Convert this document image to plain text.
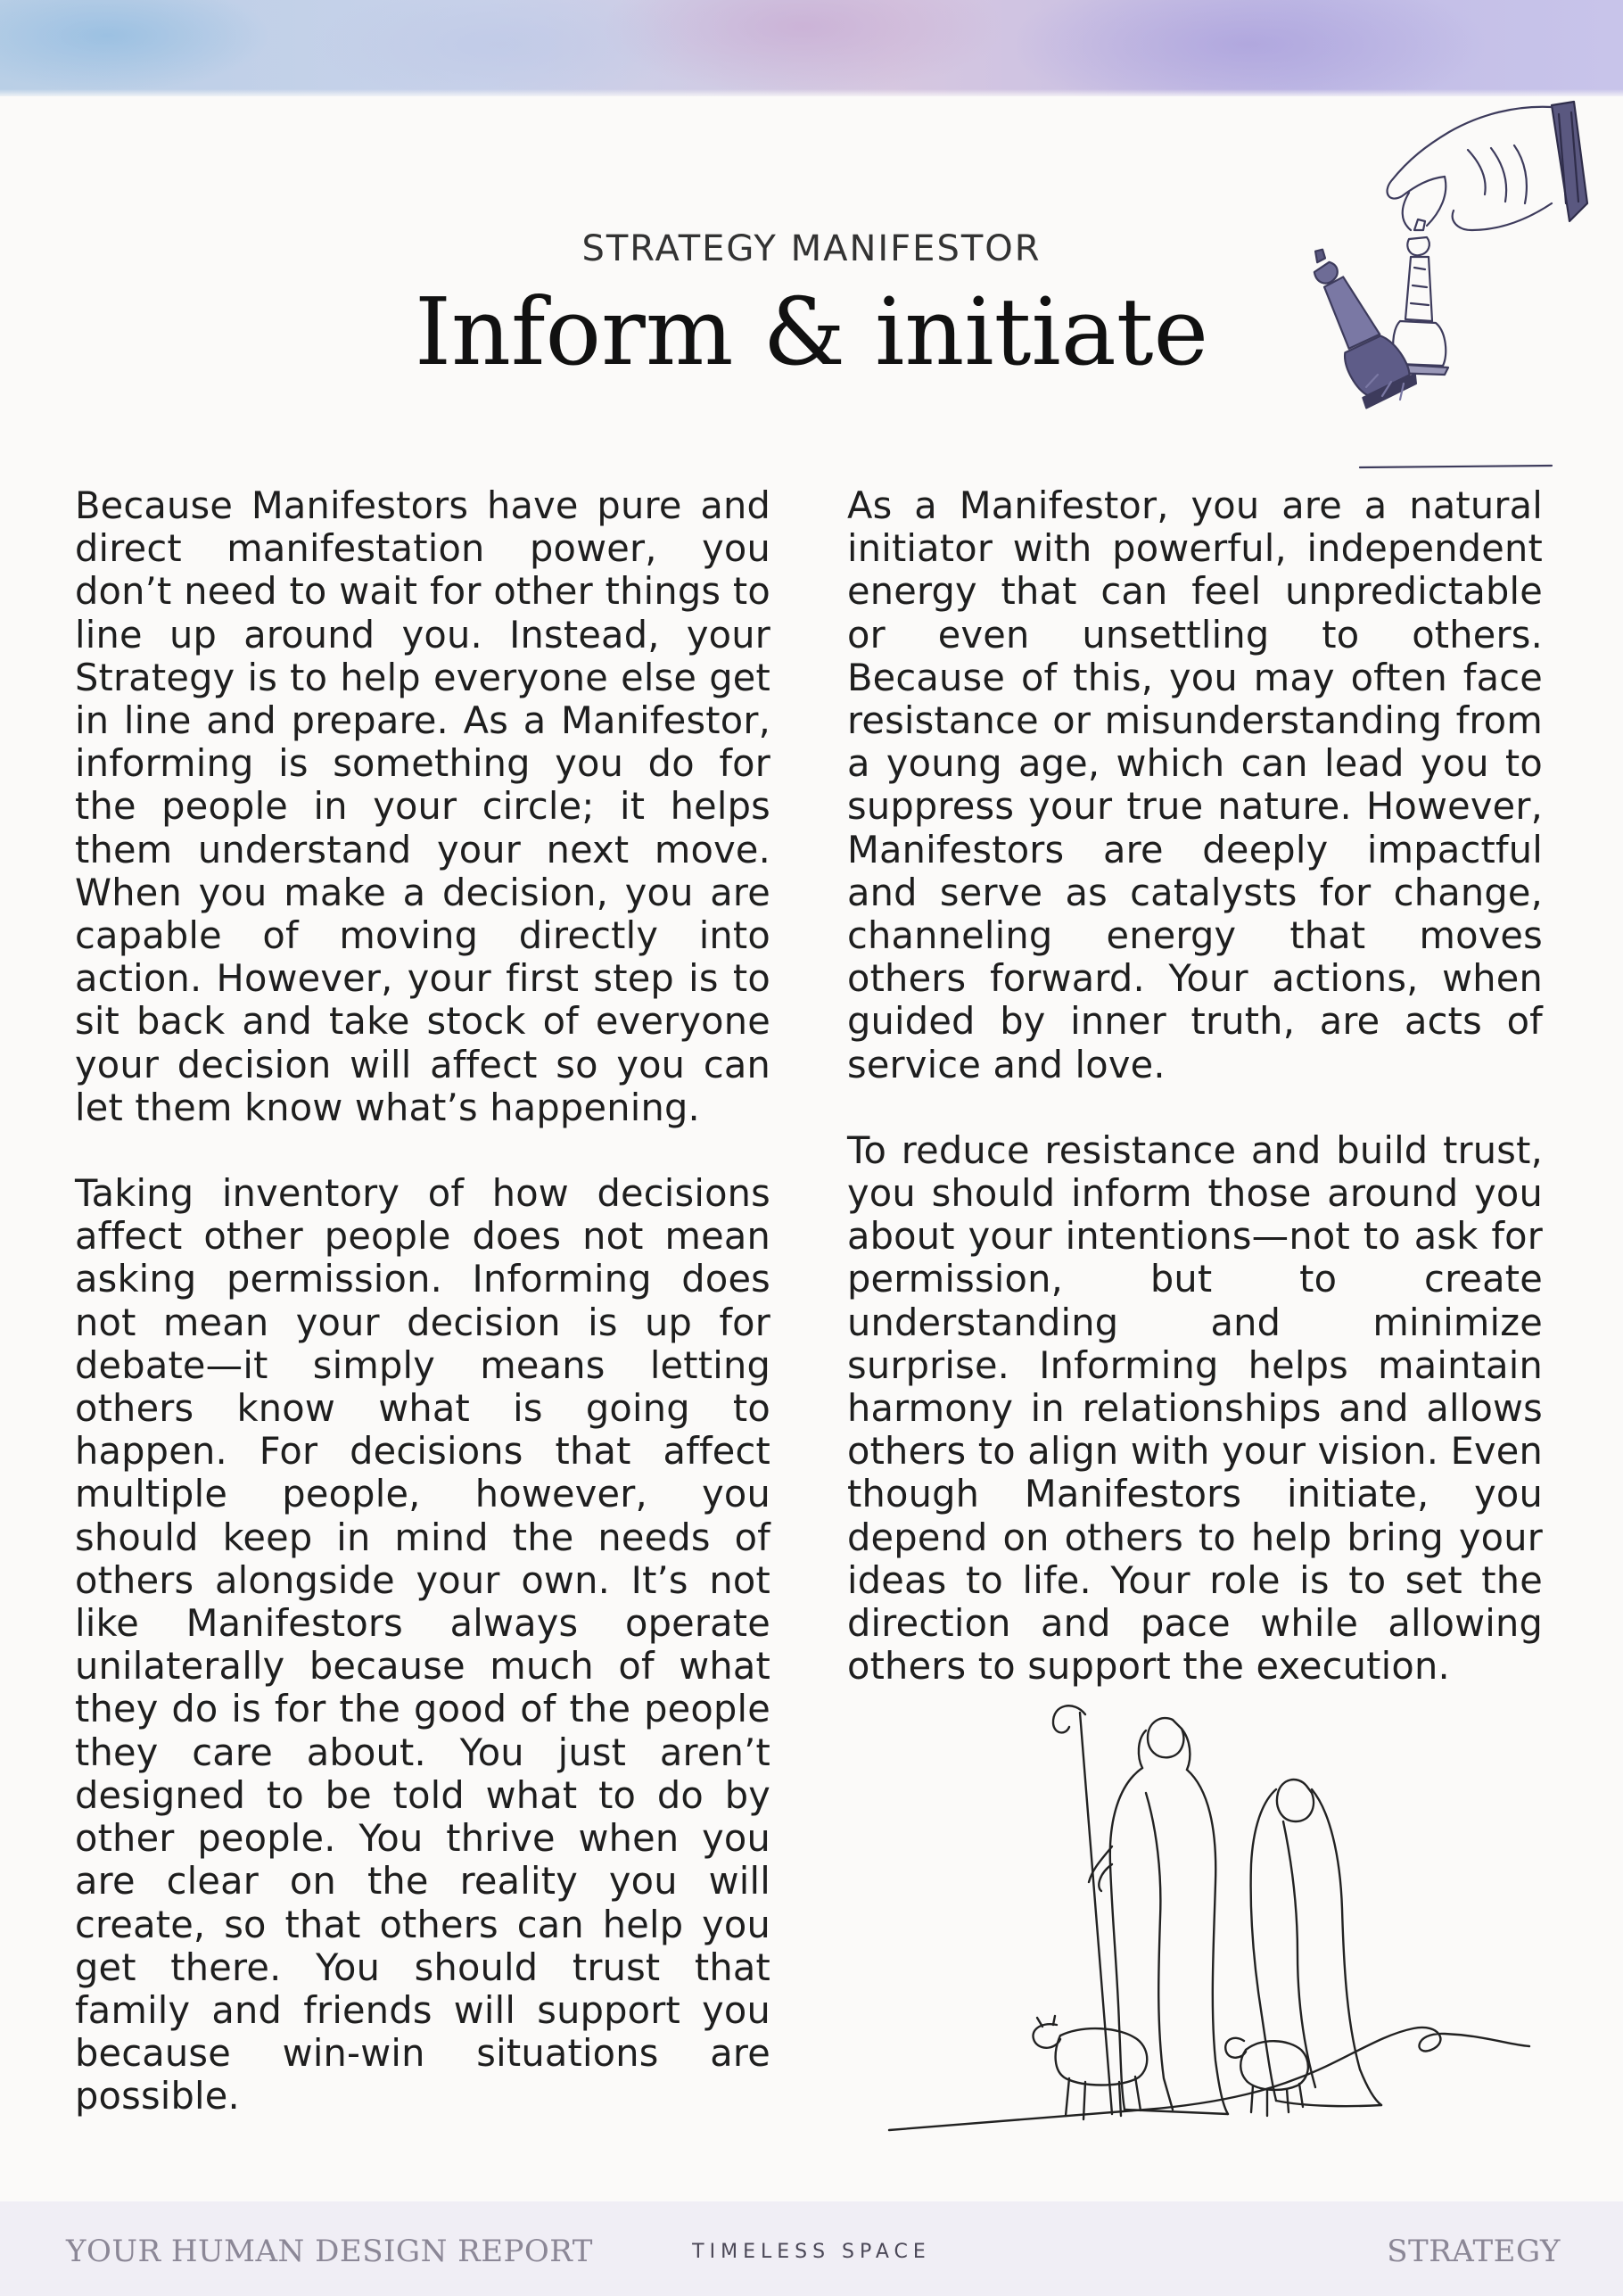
STRATEGY MANIFESTOR
Inform & initiate

Because Manifestors have pure and direct manifestation power, you don’t need to wait for other things to line up around you. Instead, your Strategy is to help everyone else get in line and prepare. As a Manifestor, informing is something you do for the people in your circle; it helps them understand your next move. When you make a decision, you are capable of moving directly into action. However, your first step is to sit back and take stock of everyone your decision will affect so you can let them know what’s happening.

Taking inventory of how decisions affect other people does not mean asking permission. Informing does not mean your decision is up for debate—it simply means letting others know what is going to happen. For decisions that affect multiple people, however, you should keep in mind the needs of others alongside your own. It’s not like Manifestors always operate unilaterally because much of what they do is for the good of the people they care about. You just aren’t designed to be told what to do by other people. You thrive when you are clear on the reality you will create, so that others can help you get there. You should trust that family and friends will support you because win-win situations are possible.

As a Manifestor, you are a natural initiator with powerful, independent energy that can feel unpredictable or even unsettling to others. Because of this, you may often face resistance or misunderstanding from a young age, which can lead you to suppress your true nature. However, Manifestors are deeply impactful and serve as catalysts for change, channeling energy that moves others forward. Your actions, when guided by inner truth, are acts of service and love.

To reduce resistance and build trust, you should inform those around you about your intentions—not to ask for permission, but to create understanding and minimize surprise. Informing helps maintain harmony in relationships and allows others to align with your vision. Even though Manifestors initiate, you depend on others to help bring your ideas to life. Your role is to set the direction and pace while allowing others to support the execution.

YOUR HUMAN DESIGN REPORT	TIMELESS SPACE	STRATEGY
